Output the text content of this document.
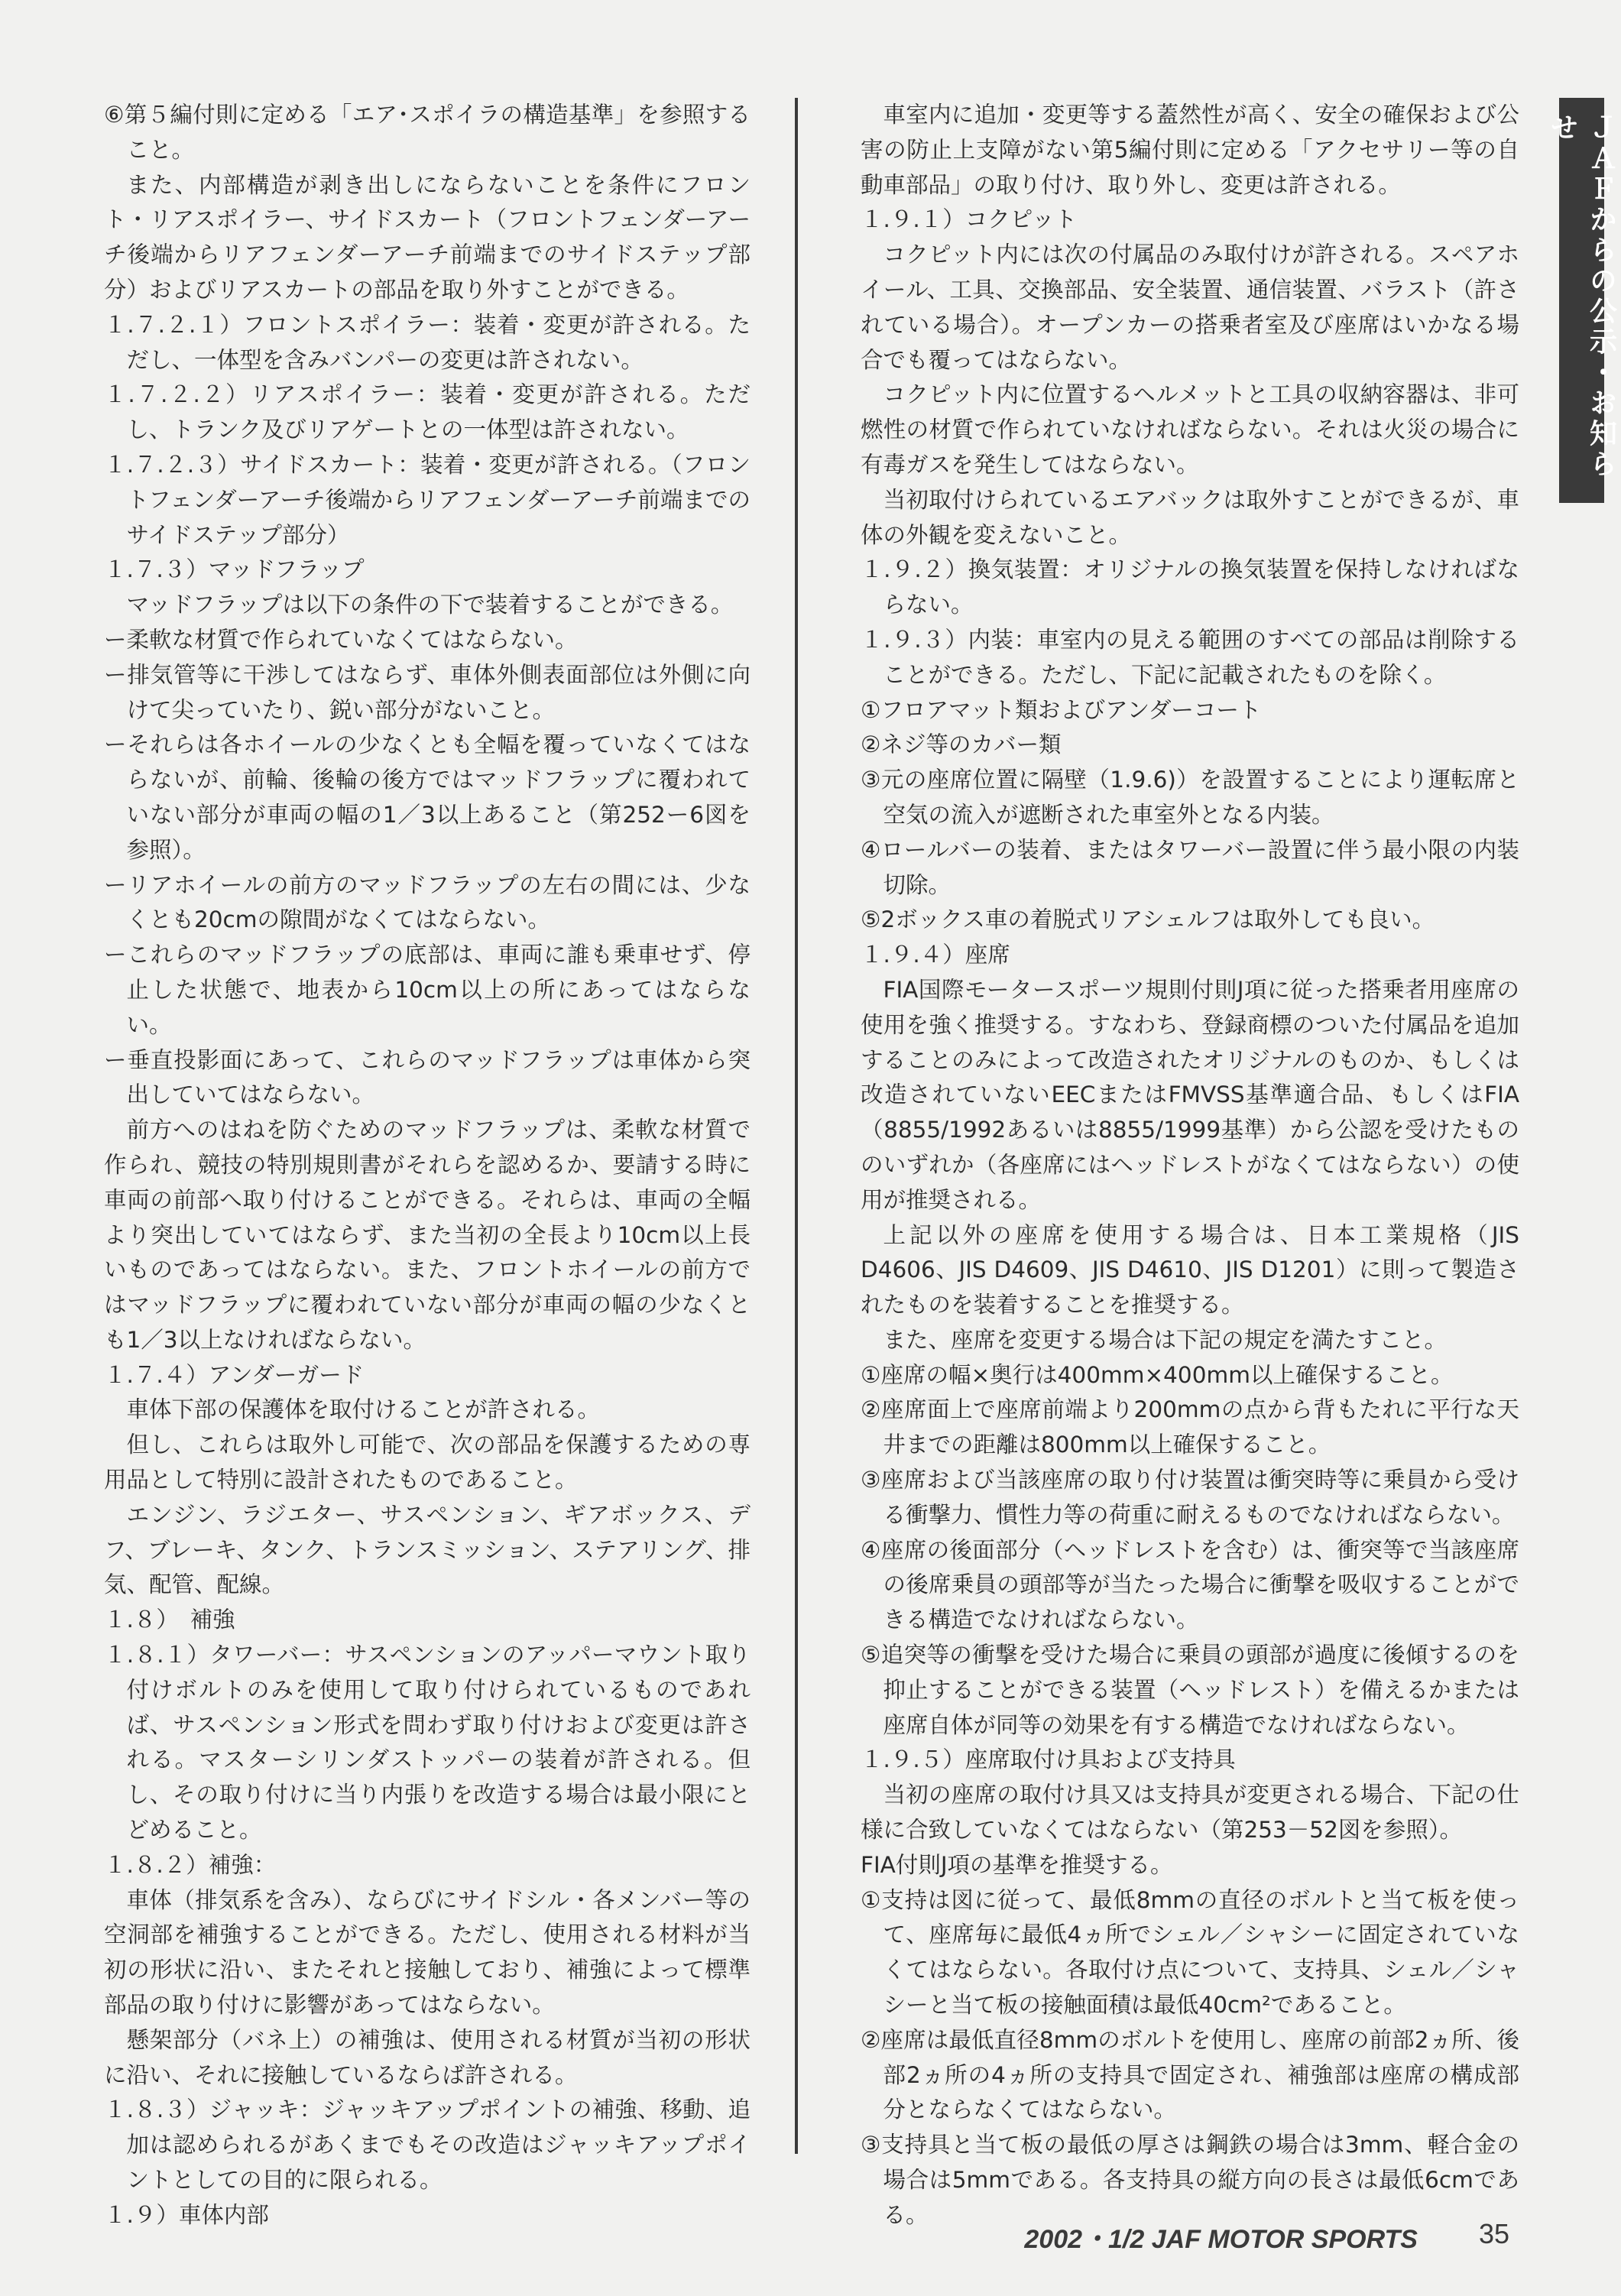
⑥第５編付則に定める「エア･スポイラの構造基準」を参照すること。

また、内部構造が剥き出しにならないことを条件にフロント・リアスポイラー、サイドスカート（フロントフェンダーアーチ後端からリアフェンダーアーチ前端までのサイドステップ部分）およびリアスカートの部品を取り外すことができる。

１.７.２.１）フロントスポイラー：装着・変更が許される。ただし、一体型を含みバンパーの変更は許されない。

１.７.２.２）リアスポイラー：装着・変更が許される。ただし、トランク及びリアゲートとの一体型は許されない。

１.７.２.３）サイドスカート：装着・変更が許される。（フロントフェンダーアーチ後端からリアフェンダーアーチ前端までのサイドステップ部分）

１.７.３）マッドフラップ

マッドフラップは以下の条件の下で装着することができる。

ー柔軟な材質で作られていなくてはならない。

ー排気管等に干渉してはならず、車体外側表面部位は外側に向けて尖っていたり、鋭い部分がないこと。

ーそれらは各ホイールの少なくとも全幅を覆っていなくてはならないが、前輪、後輪の後方ではマッドフラップに覆われていない部分が車両の幅の1／3以上あること（第252ー6図を参照）。

ーリアホイールの前方のマッドフラップの左右の間には、少なくとも20cmの隙間がなくてはならない。

ーこれらのマッドフラップの底部は、車両に誰も乗車せず、停止した状態で、地表から10cm以上の所にあってはならない。

ー垂直投影面にあって、これらのマッドフラップは車体から突出していてはならない。

前方へのはねを防ぐためのマッドフラップは、柔軟な材質で作られ、競技の特別規則書がそれらを認めるか、要請する時に車両の前部へ取り付けることができる。それらは、車両の全幅より突出していてはならず、また当初の全長より10cm以上長いものであってはならない。また、フロントホイールの前方ではマッドフラップに覆われていない部分が車両の幅の少なくとも1／3以上なければならない。

１.７.４）アンダーガード

車体下部の保護体を取付けることが許される。

但し、これらは取外し可能で、次の部品を保護するための専用品として特別に設計されたものであること。

エンジン、ラジエター、サスペンション、ギアボックス、デフ、ブレーキ、タンク、トランスミッション、ステアリング、排気、配管、配線。

１.８）　補強

１.８.１）タワーバー：サスペンションのアッパーマウント取り付けボルトのみを使用して取り付けられているものであれば、サスペンション形式を問わず取り付けおよび変更は許される。マスターシリンダストッパーの装着が許される。但し、その取り付けに当り内張りを改造する場合は最小限にとどめること。

１.８.２）補強：

車体（排気系を含み）、ならびにサイドシル・各メンバー等の空洞部を補強することができる。ただし、使用される材料が当初の形状に沿い、またそれと接触しており、補強によって標準部品の取り付けに影響があってはならない。

懸架部分（バネ上）の補強は、使用される材質が当初の形状に沿い、それに接触しているならば許される。

１.８.３）ジャッキ：ジャッキアップポイントの補強、移動、追加は認められるがあくまでもその改造はジャッキアップポイントとしての目的に限られる。

１.９）車体内部

車室内に追加・変更等する蓋然性が高く、安全の確保および公害の防止上支障がない第5編付則に定める「アクセサリー等の自動車部品」の取り付け、取り外し、変更は許される。

１.９.１）コクピット

コクピット内には次の付属品のみ取付けが許される。スペアホイール、工具、交換部品、安全装置、通信装置、バラスト（許されている場合）。オープンカーの搭乗者室及び座席はいかなる場合でも覆ってはならない。

コクピット内に位置するヘルメットと工具の収納容器は、非可燃性の材質で作られていなければならない。それは火災の場合に有毒ガスを発生してはならない。

当初取付けられているエアバックは取外すことができるが、車体の外観を変えないこと。

１.９.２）換気装置：オリジナルの換気装置を保持しなければならない。

１.９.３）内装：車室内の見える範囲のすべての部品は削除することができる。ただし、下記に記載されたものを除く。

①フロアマット類およびアンダーコート

②ネジ等のカバー類

③元の座席位置に隔壁（1.9.6)）を設置することにより運転席と空気の流入が遮断された車室外となる内装。

④ロールバーの装着、またはタワーバー設置に伴う最小限の内装切除。

⑤2ボックス車の着脱式リアシェルフは取外しても良い。

１.９.４）座席

FIA国際モータースポーツ規則付則J項に従った搭乗者用座席の使用を強く推奨する。すなわち、登録商標のついた付属品を追加することのみによって改造されたオリジナルのものか、もしくは改造されていないEECまたはFMVSS基準適合品、もしくはFIA（8855/1992あるいは8855/1999基準）から公認を受けたもののいずれか（各座席にはヘッドレストがなくてはならない）の使用が推奨される。

上記以外の座席を使用する場合は、日本工業規格（JIS D4606、JIS D4609、JIS D4610、JIS D1201）に則って製造されたものを装着することを推奨する。

また、座席を変更する場合は下記の規定を満たすこと。

①座席の幅×奥行は400mm×400mm以上確保すること。

②座席面上で座席前端より200mmの点から背もたれに平行な天井までの距離は800mm以上確保すること。

③座席および当該座席の取り付け装置は衝突時等に乗員から受ける衝撃力、慣性力等の荷重に耐えるものでなければならない。

④座席の後面部分（ヘッドレストを含む）は、衝突等で当該座席の後席乗員の頭部等が当たった場合に衝撃を吸収することができる構造でなければならない。

⑤追突等の衝撃を受けた場合に乗員の頭部が過度に後傾するのを抑止することができる装置（ヘッドレスト）を備えるかまたは座席自体が同等の効果を有する構造でなければならない。

１.９.５）座席取付け具および支持具

当初の座席の取付け具又は支持具が変更される場合、下記の仕様に合致していなくてはならない（第253－52図を参照）。

FIA付則J項の基準を推奨する。

①支持は図に従って、最低8mmの直径のボルトと当て板を使って、座席毎に最低4ヵ所でシェル／シャシーに固定されていなくてはならない。各取付け点について、支持具、シェル／シャシーと当て板の接触面積は最低40cm²であること。

②座席は最低直径8mmのボルトを使用し、座席の前部2ヵ所、後部2ヵ所の4ヵ所の支持具で固定され、補強部は座席の構成部分とならなくてはならない。

③支持具と当て板の最低の厚さは鋼鉄の場合は3mm、軽合金の場合は5mmである。各支持具の縦方向の長さは最低6cmである。

ＪＡＦからの公示・お知らせ
2002・1/2 JAF MOTOR SPORTS 35
